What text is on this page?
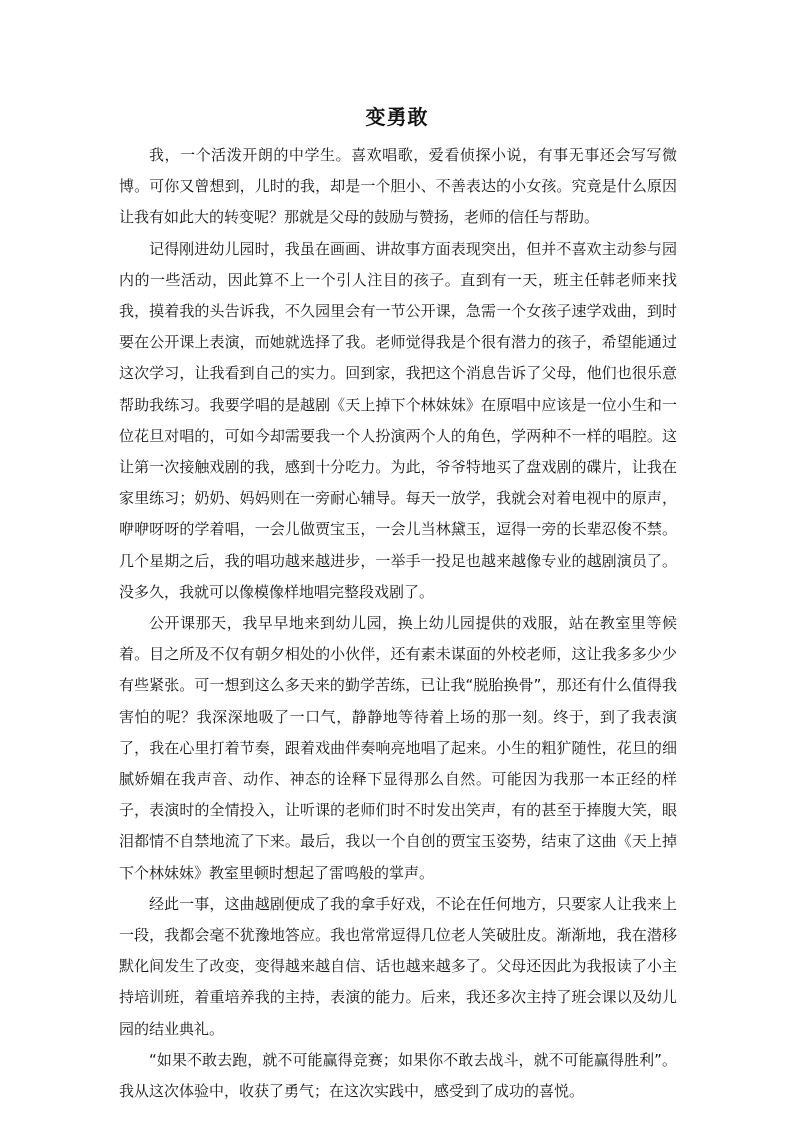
变勇敢

我，一个活泼开朗的中学生。喜欢唱歌，爱看侦探小说，有事无事还会写写微博。可你又曾想到，儿时的我，却是一个胆小、不善表达的小女孩。究竟是什么原因让我有如此大的转变呢？那就是父母的鼓励与赞扬，老师的信任与帮助。

记得刚进幼儿园时，我虽在画画、讲故事方面表现突出，但并不喜欢主动参与园内的一些活动，因此算不上一个引人注目的孩子。直到有一天，班主任韩老师来找我，摸着我的头告诉我，不久园里会有一节公开课，急需一个女孩子速学戏曲，到时要在公开课上表演，而她就选择了我。老师觉得我是个很有潜力的孩子，希望能通过这次学习，让我看到自己的实力。回到家，我把这个消息告诉了父母，他们也很乐意帮助我练习。我要学唱的是越剧《天上掉下个林妹妹》在原唱中应该是一位小生和一位花旦对唱的，可如今却需要我一个人扮演两个人的角色，学两种不一样的唱腔。这让第一次接触戏剧的我，感到十分吃力。为此，爷爷特地买了盘戏剧的碟片，让我在家里练习；奶奶、妈妈则在一旁耐心辅导。每天一放学，我就会对着电视中的原声，咿咿呀呀的学着唱，一会儿做贾宝玉，一会儿当林黛玉，逗得一旁的长辈忍俊不禁。几个星期之后，我的唱功越来越进步，一举手一投足也越来越像专业的越剧演员了。没多久，我就可以像模像样地唱完整段戏剧了。

公开课那天，我早早地来到幼儿园，换上幼儿园提供的戏服，站在教室里等候着。目之所及不仅有朝夕相处的小伙伴，还有素未谋面的外校老师，这让我多多少少有些紧张。可一想到这么多天来的勤学苦练，已让我“脱胎换骨”，那还有什么值得我害怕的呢？我深深地吸了一口气，静静地等待着上场的那一刻。终于，到了我表演了，我在心里打着节奏，跟着戏曲伴奏响亮地唱了起来。小生的粗犷随性，花旦的细腻娇媚在我声音、动作、神态的诠释下显得那么自然。可能因为我那一本正经的样子，表演时的全情投入，让听课的老师们时不时发出笑声，有的甚至于捧腹大笑，眼泪都情不自禁地流了下来。最后，我以一个自创的贾宝玉姿势，结束了这曲《天上掉下个林妹妹》教室里顿时想起了雷鸣般的掌声。

经此一事，这曲越剧便成了我的拿手好戏，不论在任何地方，只要家人让我来上一段，我都会毫不犹豫地答应。我也常常逗得几位老人笑破肚皮。渐渐地，我在潜移默化间发生了改变，变得越来越自信、话也越来越多了。父母还因此为我报读了小主持培训班，着重培养我的主持，表演的能力。后来，我还多次主持了班会课以及幼儿园的结业典礼。

“如果不敢去跑，就不可能赢得竞赛；如果你不敢去战斗，就不可能赢得胜利”。我从这次体验中，收获了勇气；在这次实践中，感受到了成功的喜悦。
